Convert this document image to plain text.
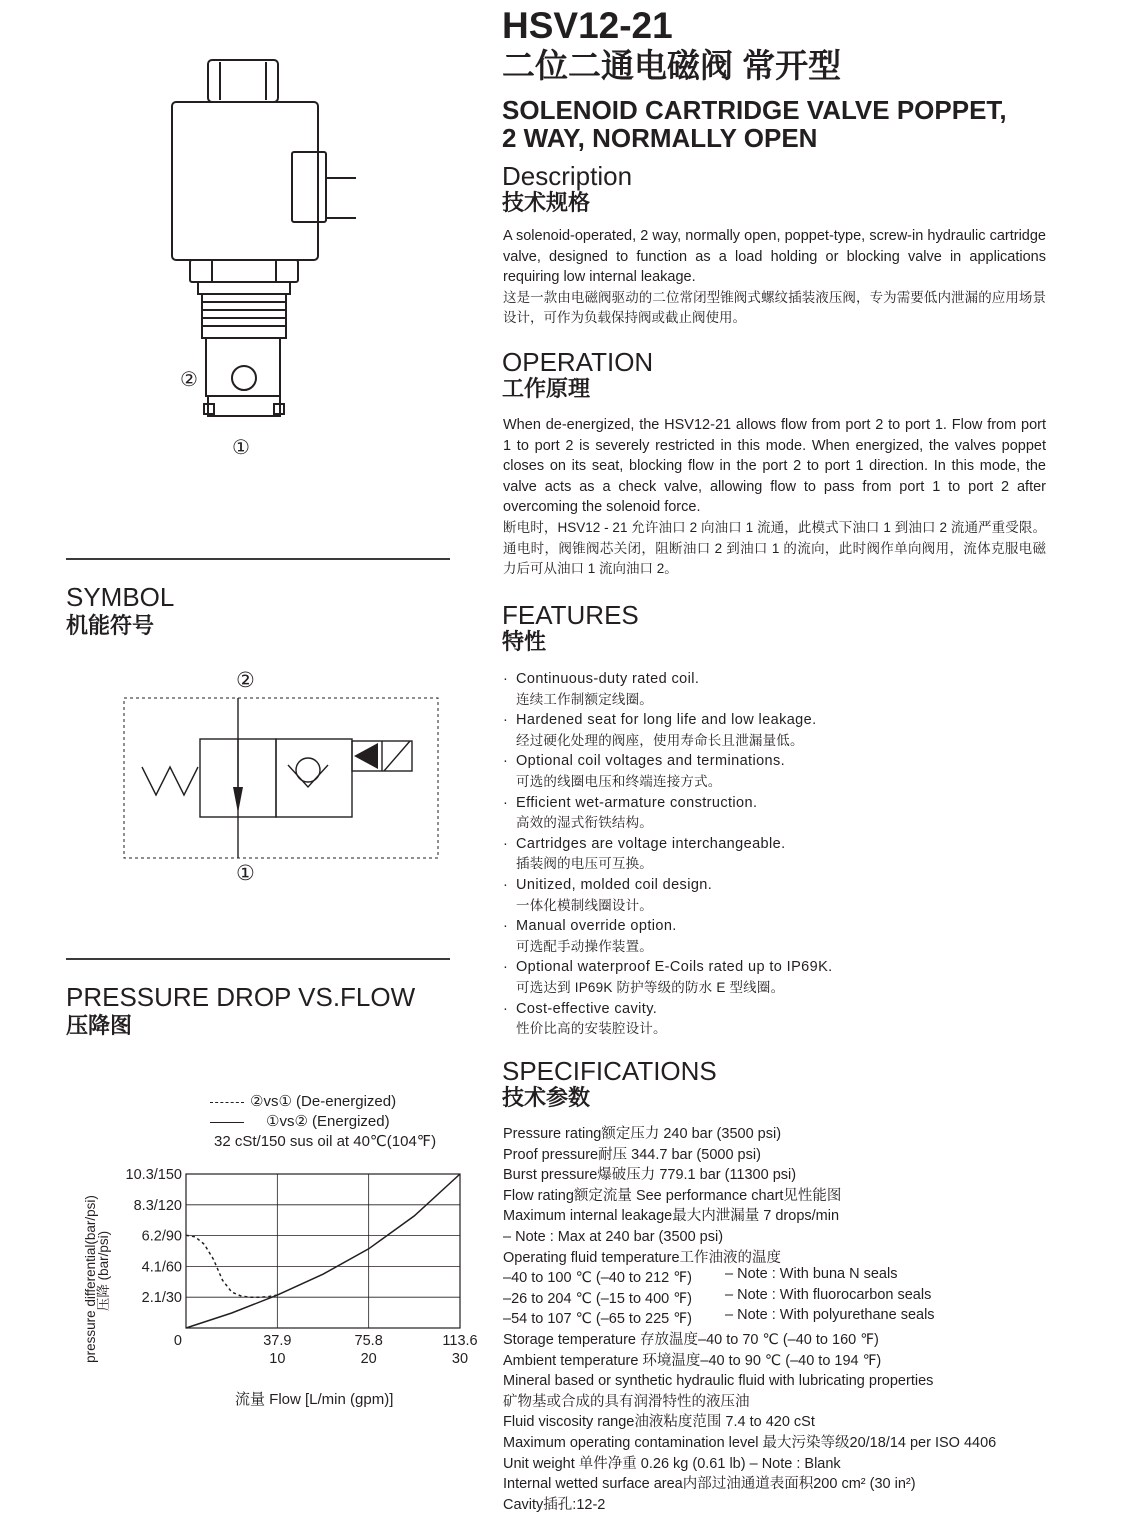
②
①
SYMBOL
机能符号
②
①
PRESSURE DROP VS.FLOW
压降图
②vs① (De-energized)
①vs② (Energized)
32 cSt/150 sus oil at 40℃(104℉)
10.3/150
8.3/120
6.2/90
4.1/60
2.1/30
0	37.9	75.8	113.6
10	20	30
压降 (bar/psi)
pressure differential(bar/psi)
流量 Flow [L/min (gpm)]
HSV12-21
二位二通电磁阀 常开型
SOLENOID CARTRIDGE VALVE POPPET,
2 WAY, NORMALLY OPEN
Description
技术规格

A solenoid-operated, 2 way, normally open, poppet-type, screw-in hydraulic cartridge valve, designed to function as a load holding or blocking valve in applications requiring low internal leakage.

这是一款由电磁阀驱动的二位常闭型锥阀式螺纹插装液压阀，专为需要低内泄漏的应用场景设计，可作为负载保持阀或截止阀使用。

OPERATION
工作原理

When de-energized, the HSV12-21 allows flow from port 2 to port 1. Flow from port 1 to port 2 is severely restricted in this mode. When energized, the valves poppet closes on its seat, blocking flow in the port 2 to port 1 direction. In this mode, the valve acts as a check valve, allowing flow to pass from port 1 to port 2 after overcoming the solenoid force.

断电时，HSV12 - 21 允许油口 2 向油口 1 流通，此模式下油口 1 到油口 2 流通严重受限。通电时，阀锥阀芯关闭，阻断油口 2 到油口 1 的流向，此时阀作单向阀用，流体克服电磁力后可从油口 1 流向油口 2。

FEATURES
特性
· Continuous-duty rated coil.
连续工作制额定线圈。
· Hardened seat for long life and low leakage.
经过硬化处理的阀座，使用寿命长且泄漏量低。
· Optional coil voltages and terminations.
可选的线圈电压和终端连接方式。
· Efficient wet-armature construction.
高效的湿式衔铁结构。
· Cartridges are voltage interchangeable.
插装阀的电压可互换。
· Unitized, molded coil design.
一体化模制线圈设计。
· Manual override option.
可选配手动操作装置。
· Optional waterproof E-Coils rated up to IP69K.
可选达到 IP69K 防护等级的防水 E 型线圈。
· Cost-effective cavity.
性价比高的安装腔设计。
SPECIFICATIONS
技术参数
Pressure rating额定压力 240 bar (3500 psi)
Proof pressure耐压 344.7 bar (5000 psi)
Burst pressure爆破压力 779.1 bar (11300 psi)
Flow rating额定流量 See performance chart见性能图
Maximum internal leakage最大内泄漏量 7 drops/min
– Note : Max at 240 bar (3500 psi)
Operating fluid temperature工作油液的温度
–40 to 100 ℃ (–40 to 212 ℉) – Note : With buna N seals
–26 to 204 ℃ (–15 to 400 ℉) – Note : With fluorocarbon seals
–54 to 107 ℃ (–65 to 225 ℉) – Note : With polyurethane seals
Storage temperature 存放温度–40 to 70 ℃ (–40 to 160 ℉)
Ambient temperature 环境温度–40 to 90 ℃ (–40 to 194 ℉)
Mineral based or synthetic hydraulic fluid with lubricating properties
矿物基或合成的具有润滑特性的液压油
Fluid viscosity range油液粘度范围 7.4 to 420 cSt
Maximum operating contamination level 最大污染等级20/18/14 per ISO 4406
Unit weight 单件净重 0.26 kg (0.61 lb) – Note : Blank
Internal wetted surface area内部过油通道表面积200 cm² (30 in²)
Cavity插孔:12-2
